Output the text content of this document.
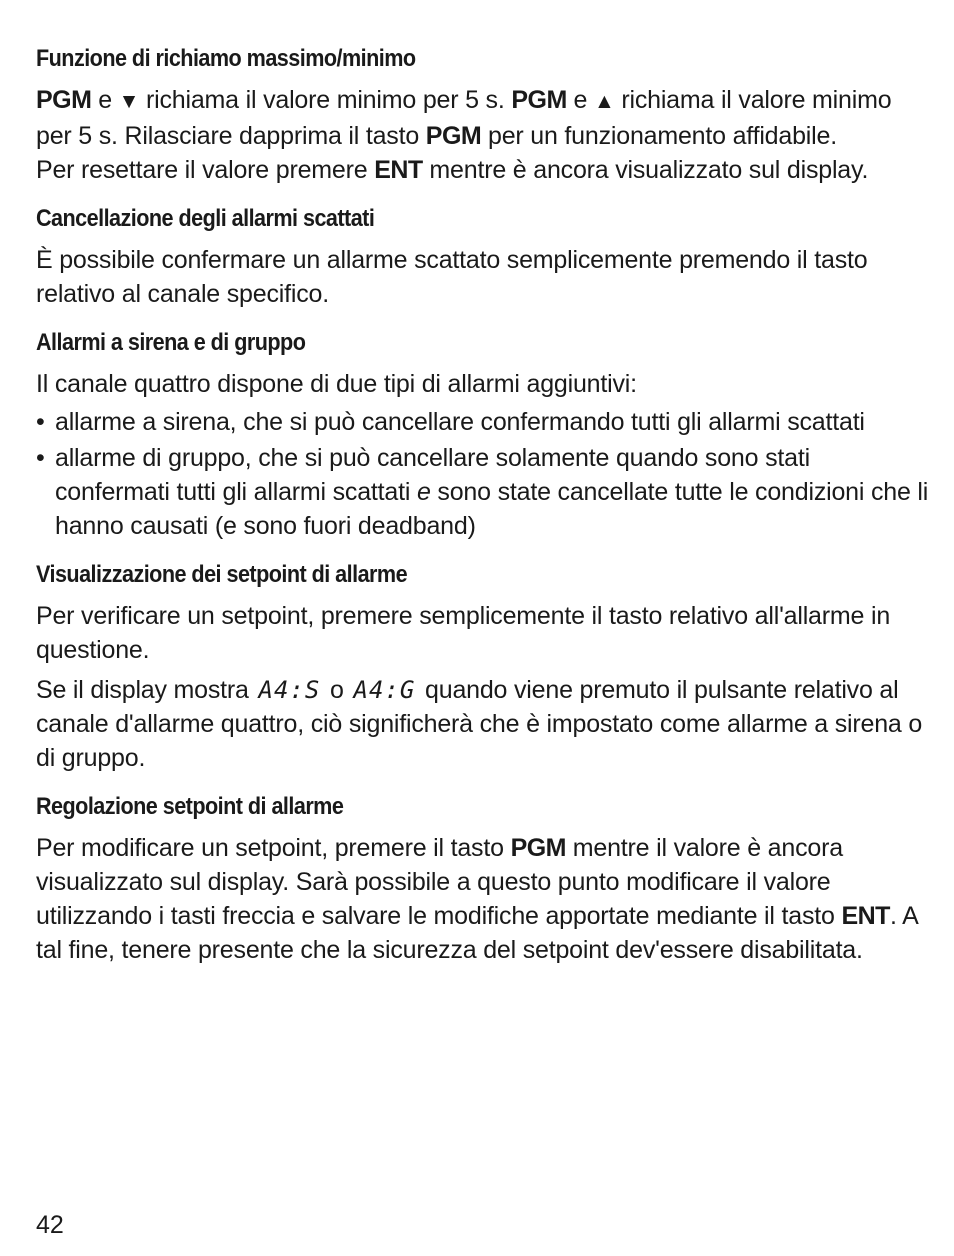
Funzione di richiamo massimo/minimo

PGM e ▼ richiama il valore minimo per 5 s. PGM e ▲ richiama il valore minimo per 5 s. Rilasciare dapprima il tasto PGM per un funzionamento affidabile.

Per resettare il valore premere ENT mentre è ancora visualizzato sul display.

Cancellazione degli allarmi scattati

È possibile confermare un allarme scattato semplicemente premendo il tasto relativo al canale specifico.

Allarmi a sirena e di gruppo

Il canale quattro dispone di due tipi di allarmi aggiuntivi:

• allarme a sirena, che si può cancellare confermando tutti gli allarmi scattati
• allarme di gruppo, che si può cancellare solamente quando sono stati confermati tutti gli allarmi scattati e sono state cancellate tutte le condizioni che li hanno causati (e sono fuori deadband)
Visualizzazione dei setpoint di allarme

Per verificare un setpoint, premere semplicemente il tasto relativo all'allarme in questione.

Se il display mostra A4:S o A4:G quando viene premuto il pulsante relativo al canale d'allarme quattro, ciò significherà che è impostato come allarme a sirena o di gruppo.

Regolazione setpoint di allarme

Per modificare un setpoint, premere il tasto PGM mentre il valore è ancora visualizzato sul display. Sarà possibile a questo punto modificare il valore utilizzando i tasti freccia e salvare le modifiche apportate mediante il tasto ENT. A tal fine, tenere presente che la sicurezza del setpoint dev'essere disabilitata.

42
